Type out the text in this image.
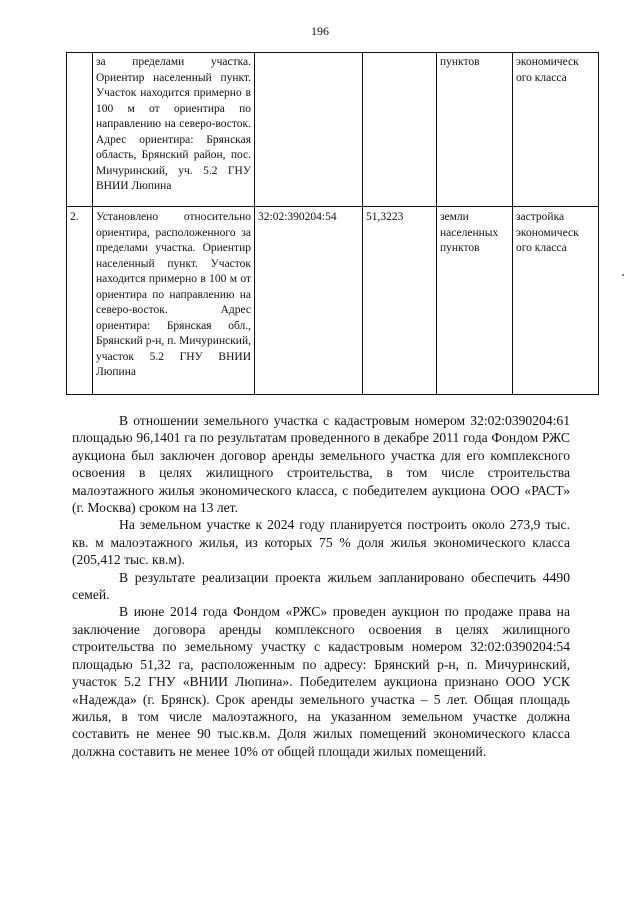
196
	за пределами участка. Ориентир населенный пункт. Участок находится примерно в 100 м от ориентира по направлению на северо-восток. Адрес ориентира: Брянская область, Брянский район, пос. Мичуринский, уч. 5.2 ГНУ ВНИИ Люпина			пунктов	экономическ ого класса
2.	Установлено относительно ориентира, расположенного за пределами участка. Ориентир населенный пункт. Участок находится примерно в 100 м от ориентира по направлению на северо-восток. Адрес ориентира: Брянская обл., Брянский р-н, п. Мичуринский, участок 5.2 ГНУ ВНИИ Люпина	32:02:390204:54	51,3223	земли населенных пунктов	застройка экономическ ого класса

В отношении земельного участка с кадастровым номером 32:02:0390204:61 площадью 96,1401 га по результатам проведенного в декабре 2011 года Фондом РЖС аукциона был заключен договор аренды земельного участка для его комплексного освоения в целях жилищного строительства, в том числе строительства малоэтажного жилья экономического класса, с победителем аукциона ООО «РАСТ» (г. Москва) сроком на 13 лет.

На земельном участке к 2024 году планируется построить около 273,9 тыс. кв. м малоэтажного жилья, из которых 75 % доля жилья экономического класса (205,412 тыс. кв.м).

В результате реализации проекта жильем запланировано обеспечить 4490 семей.

В июне 2014 года Фондом «РЖС» проведен аукцион по продаже права на заключение договора аренды комплексного освоения в целях жилищного строительства по земельному участку с кадастровым номером 32:02:0390204:54 площадью 51,32 га, расположенным по адресу: Брянский р-н, п. Мичуринский, участок 5.2 ГНУ «ВНИИ Люпина». Победителем аукциона признано ООО УСК «Надежда» (г. Брянск). Срок аренды земельного участка – 5 лет. Общая площадь жилья, в том числе малоэтажного, на указанном земельном участке должна составить не менее 90 тыс.кв.м. Доля жилых помещений экономического класса должна составить не менее 10% от общей площади жилых помещений.
